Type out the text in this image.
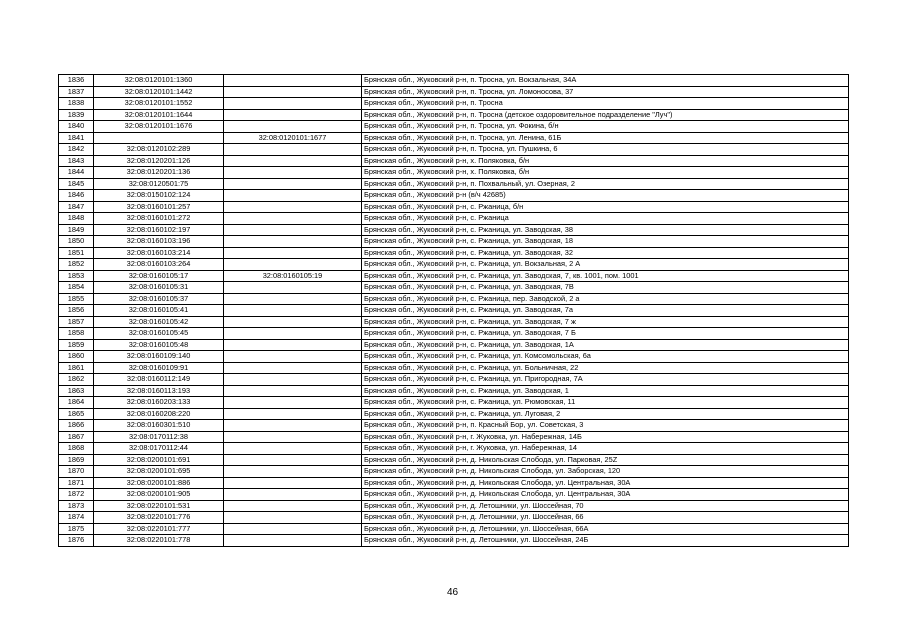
1836	32:08:0120101:1360		Брянская обл., Жуковский р-н, п. Тросна, ул. Вокзальная, 34А
1837	32:08:0120101:1442		Брянская обл., Жуковский р-н, п. Тросна, ул. Ломоносова, 37
1838	32:08:0120101:1552		Брянская обл., Жуковский р-н, п. Тросна
1839	32:08:0120101:1644		Брянская обл., Жуковский р-н, п. Тросна (детское оздоровительное подразделение "Луч")
1840	32:08:0120101:1676		Брянская обл., Жуковский р-н, п. Тросна, ул. Фокина, б/н
1841		32:08:0120101:1677	Брянская обл., Жуковский р-н, п. Тросна, ул. Ленина, 61Б
1842	32:08:0120102:289		Брянская обл., Жуковский р-н, п. Тросна, ул. Пушкина, 6
1843	32:08:0120201:126		Брянская обл., Жуковский р-н, х. Поляковка, б/н
1844	32:08:0120201:136		Брянская обл., Жуковский р-н, х. Поляковка, б/н
1845	32:08:0120501:75		Брянская обл., Жуковский р-н, п. Похвальный, ул. Озерная, 2
1846	32:08:0150102:124		Брянская обл., Жуковский р-н (в/ч 42685)
1847	32:08:0160101:257		Брянская обл., Жуковский р-н, с. Ржаница, б/н
1848	32:08:0160101:272		Брянская обл., Жуковский р-н, с. Ржаница
1849	32:08:0160102:197		Брянская обл., Жуковский р-н, с. Ржаница, ул. Заводская, 38
1850	32:08:0160103:196		Брянская обл., Жуковский р-н, с. Ржаница, ул. Заводская, 18
1851	32:08:0160103:214		Брянская обл., Жуковский р-н, с. Ржаница, ул. Заводская, 32
1852	32:08:0160103:264		Брянская обл., Жуковский р-н, с. Ржаница, ул. Вокзальная, 2 А
1853	32:08:0160105:17	32:08:0160105:19	Брянская обл., Жуковский р-н, с. Ржаница, ул. Заводская, 7, кв. 1001, пом. 1001
1854	32:08:0160105:31		Брянская обл., Жуковский р-н, с. Ржаница, ул. Заводская, 7В
1855	32:08:0160105:37		Брянская обл., Жуковский р-н, с. Ржаница, пер. Заводской, 2 а
1856	32:08:0160105:41		Брянская обл., Жуковский р-н, с. Ржаница, ул. Заводская, 7а
1857	32:08:0160105:42		Брянская обл., Жуковский р-н, с. Ржаница, ул. Заводская, 7 ж
1858	32:08:0160105:45		Брянская обл., Жуковский р-н, с. Ржаница, ул. Заводская, 7 Б
1859	32:08:0160105:48		Брянская обл., Жуковский р-н, с. Ржаница, ул. Заводская, 1А
1860	32:08:0160109:140		Брянская обл., Жуковский р-н, с. Ржаница, ул. Комсомольская, 6а
1861	32:08:0160109:91		Брянская обл., Жуковский р-н, с. Ржаница, ул. Больничная, 22
1862	32:08:0160112:149		Брянская обл., Жуковский р-н, с. Ржаница, ул. Пригородная, 7А
1863	32:08:0160113:193		Брянская обл., Жуковский р-н, с. Ржаница, ул. Заводская, 1
1864	32:08:0160203:133		Брянская обл., Жуковский р-н, с. Ржаница, ул. Рюмовская, 11
1865	32:08:0160208:220		Брянская обл., Жуковский р-н, с. Ржаница, ул. Луговая, 2
1866	32:08:0160301:510		Брянская обл., Жуковский р-н, п. Красный Бор, ул. Советская, 3
1867	32:08:0170112:38		Брянская обл., Жуковский р-н, г. Жуковка, ул. Набережная, 14Б
1868	32:08:0170112:44		Брянская обл., Жуковский р-н, г. Жуковка, ул. Набережная, 14
1869	32:08:0200101:691		Брянская обл., Жуковский р-н, д. Никольская Слобода, ул. Парковая, 25Z
1870	32:08:0200101:695		Брянская обл., Жуковский р-н, д. Никольская Слобода, ул. Заборская, 120
1871	32:08:0200101:886		Брянская обл., Жуковский р-н, д. Никольская Слобода, ул. Центральная, 30А
1872	32:08:0200101:905		Брянская обл., Жуковский р-н, д. Никольская Слобода, ул. Центральная, 30А
1873	32:08:0220101:531		Брянская обл., Жуковский р-н, д. Летошники, ул. Шоссейная, 70
1874	32:08:0220101:776		Брянская обл., Жуковский р-н, д. Летошники, ул. Шоссейная, 66
1875	32:08:0220101:777		Брянская обл., Жуковский р-н, д. Летошники, ул. Шоссейная, 66А
1876	32:08:0220101:778		Брянская обл., Жуковский р-н, д. Летошники, ул. Шоссейная, 24Б
46
